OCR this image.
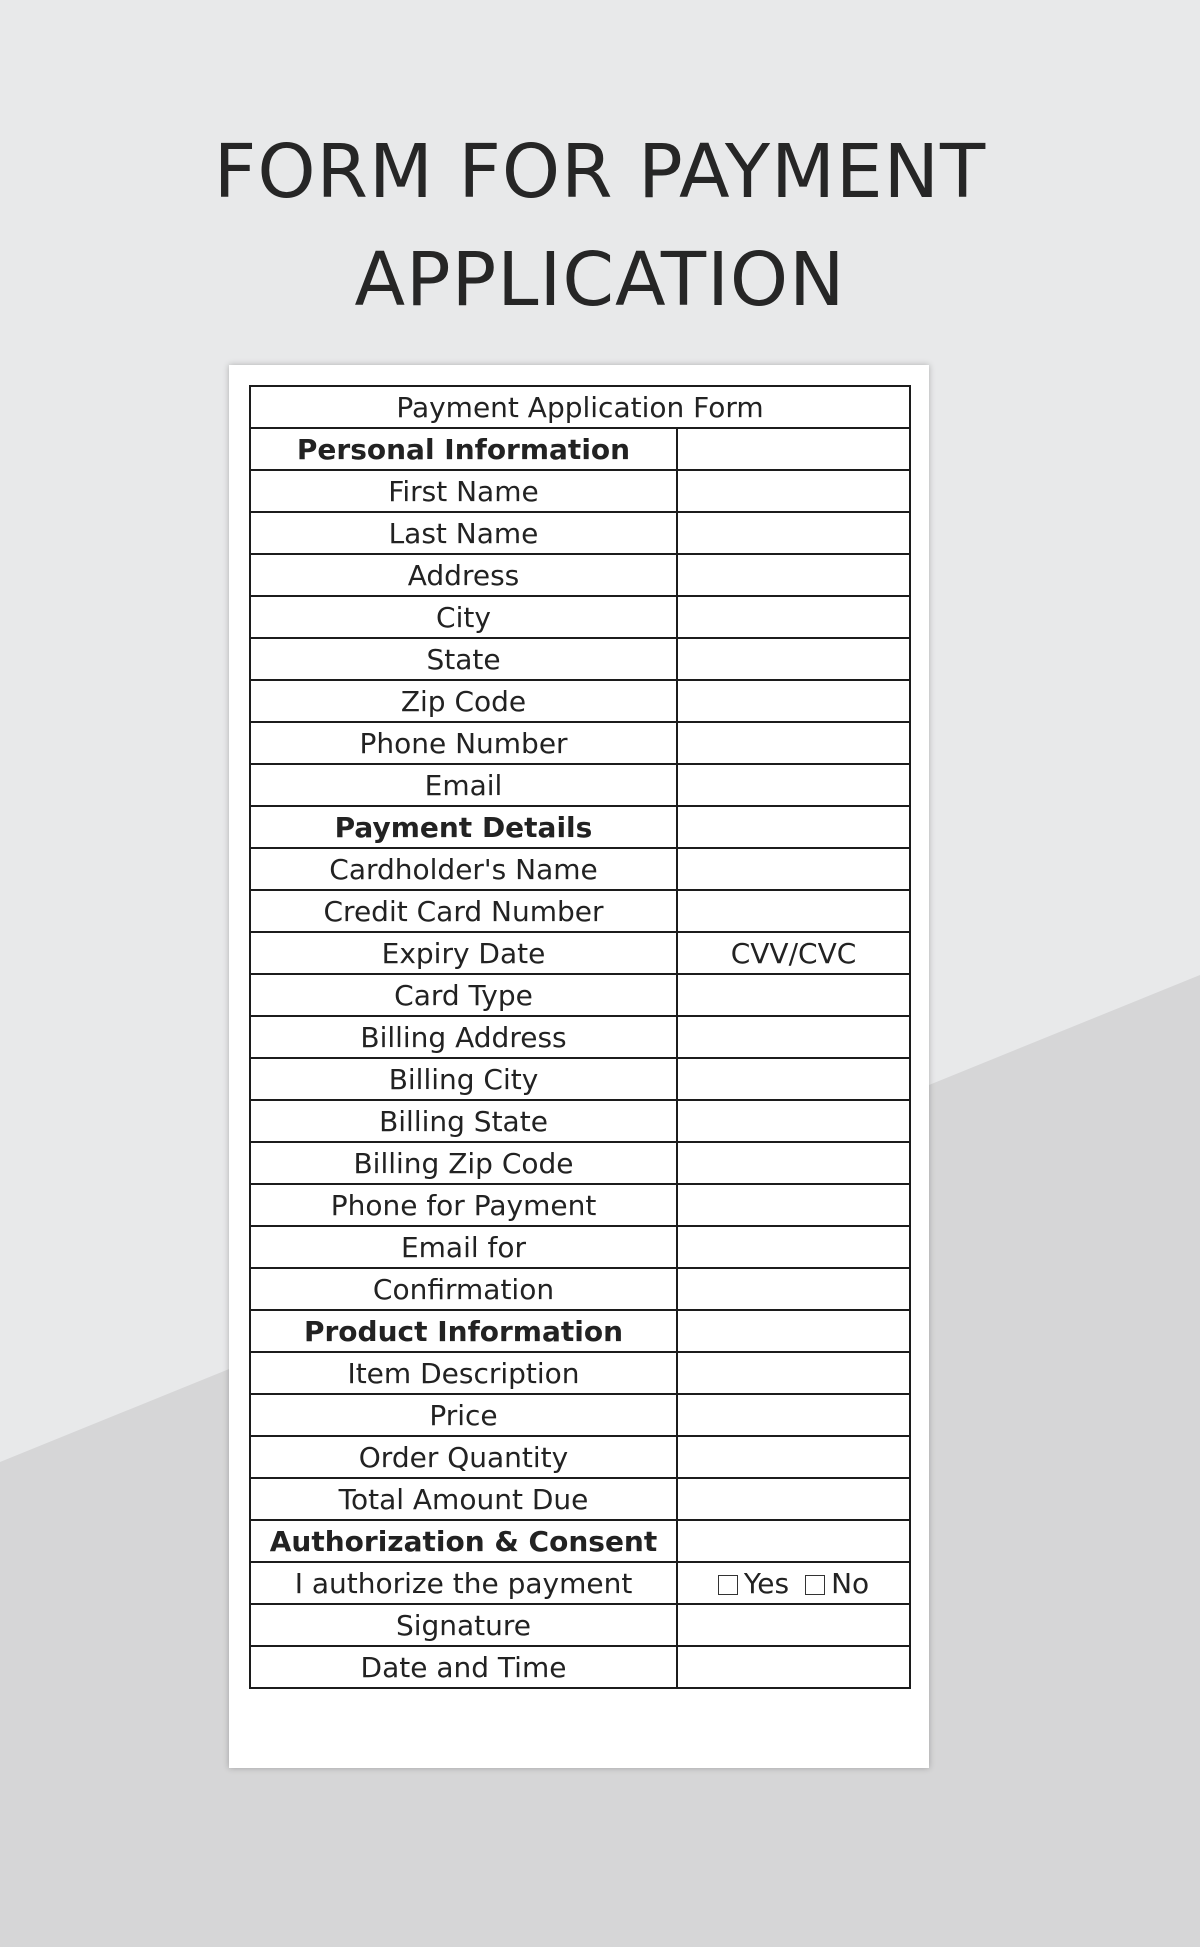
FORM FOR PAYMENT
APPLICATION
Payment Application Form	
Personal Information	
First Name	
Last Name	
Address	
City	
State	
Zip Code	
Phone Number	
Email	
Payment Details	
Cardholder's Name	
Credit Card Number	
Expiry Date	CVV/CVC
Card Type	
Billing Address	
Billing City	
Billing State	
Billing Zip Code	
Phone for Payment	
Email for	
Confirmation	
Product Information	
Item Description	
Price	
Order Quantity	
Total Amount Due	
Authorization & Consent	
I authorize the payment	Yes No
Signature	
Date and Time	
